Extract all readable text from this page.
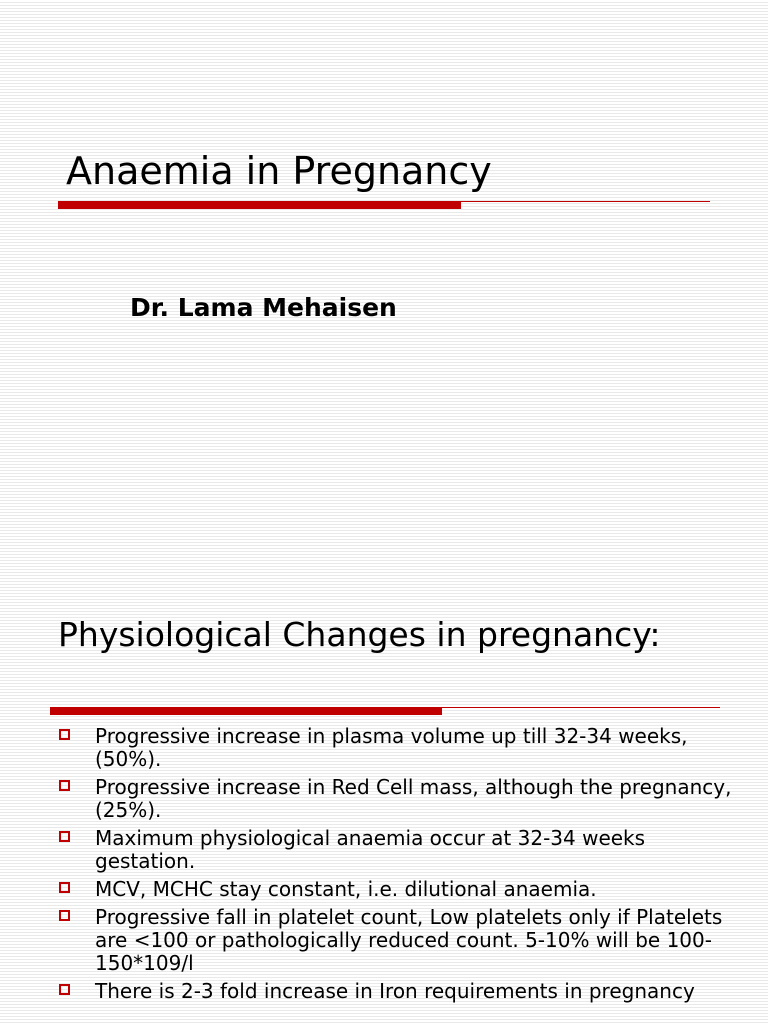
Anaemia in Pregnancy
Dr. Lama Mehaisen
Physiological Changes in pregnancy:
Progressive increase in plasma volume up till 32-34 weeks, (50%).
Progressive increase in Red Cell mass, although the pregnancy, (25%).
Maximum physiological anaemia occur at 32-34 weeks gestation.
MCV, MCHC stay constant, i.e. dilutional anaemia.
Progressive fall in platelet count, Low platelets only if Platelets are <100 or pathologically reduced count. 5-10% will be 100-150*109/l
There is 2-3 fold increase in Iron requirements in pregnancy
